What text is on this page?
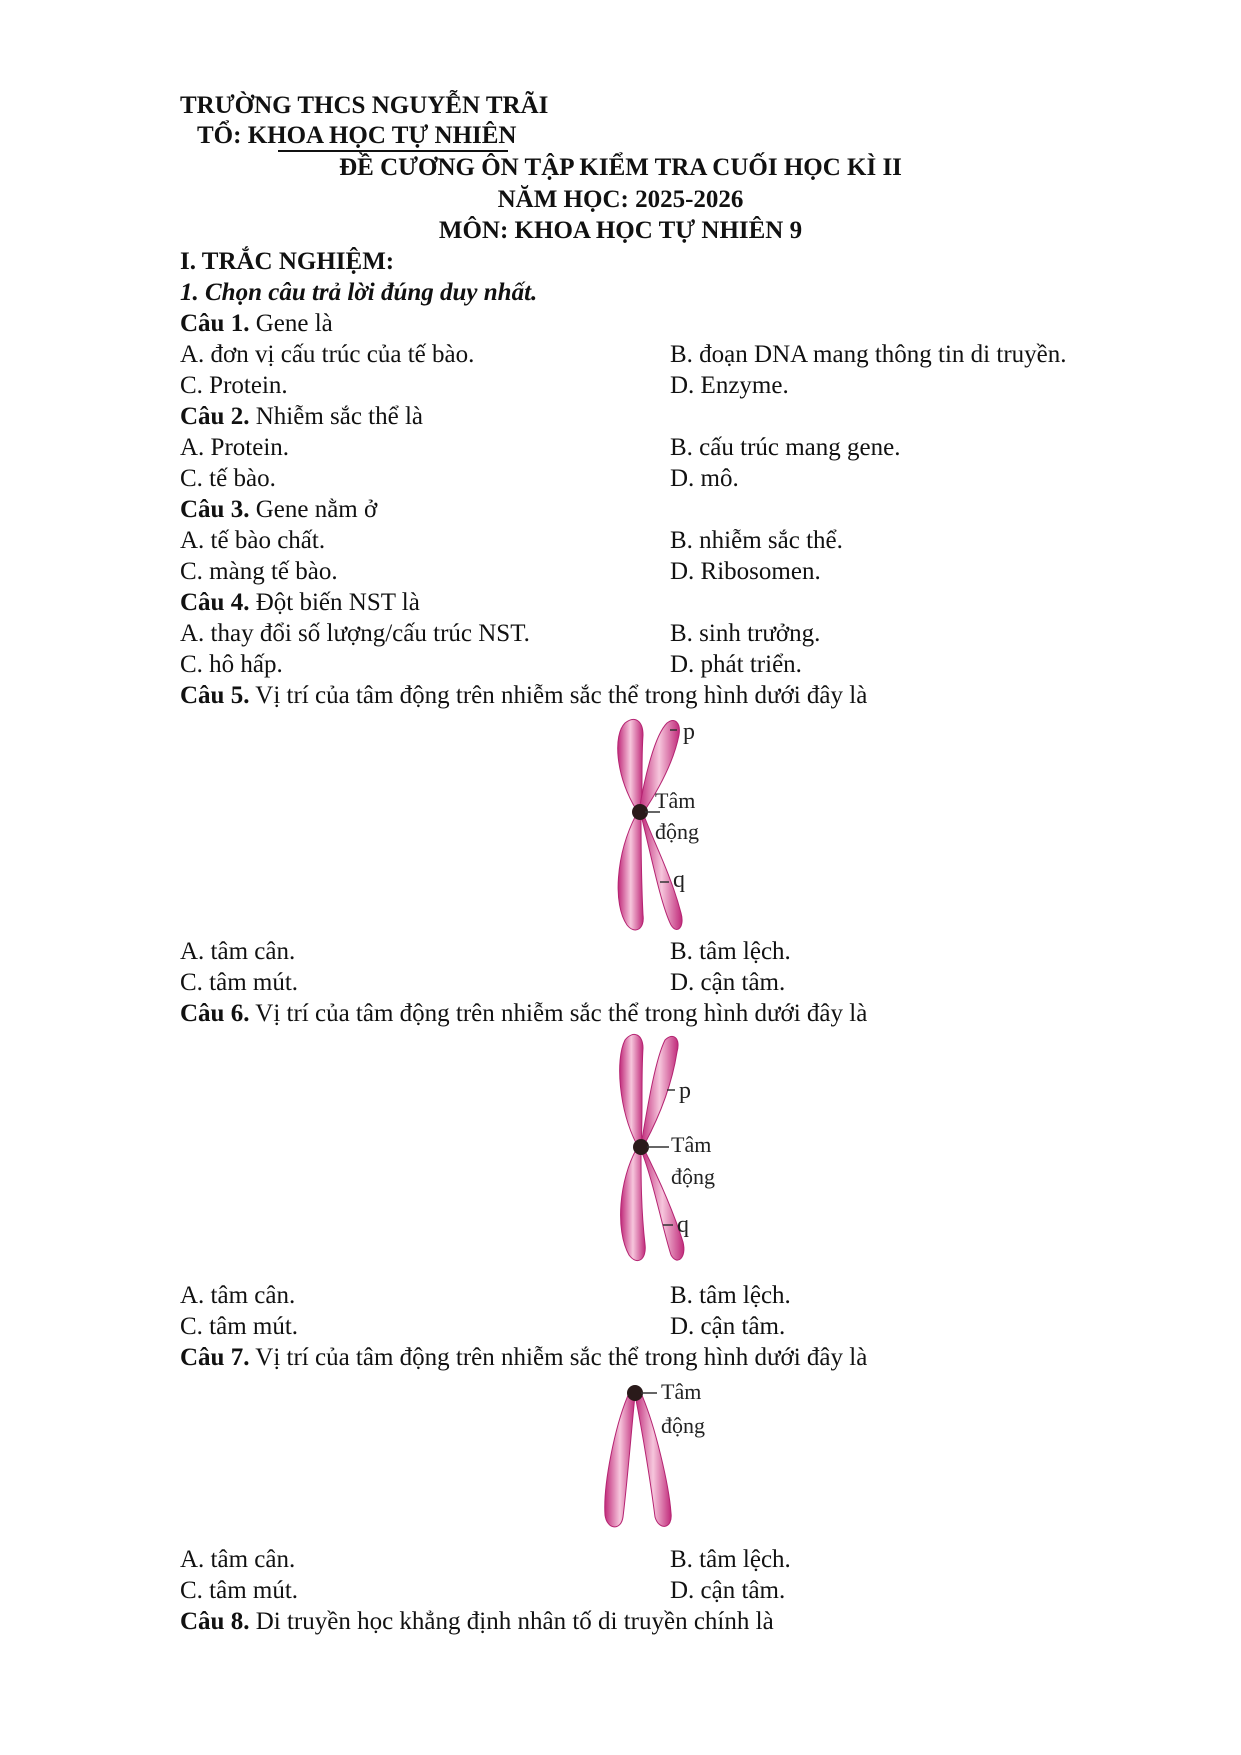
TRƯỜNG THCS NGUYỄN TRÃI
TỔ: KHOA HỌC TỰ NHIÊN
ĐỀ CƯƠNG ÔN TẬP KIỂM TRA CUỐI HỌC KÌ II
NĂM HỌC: 2025-2026
MÔN: KHOA HỌC TỰ NHIÊN 9
I. TRẮC NGHIỆM:
1. Chọn câu trả lời đúng duy nhất.
Câu 1. Gene là
A. đơn vị cấu trúc của tế bào.	B. đoạn DNA mang thông tin di truyền.
C. Protein.	D. Enzyme.
Câu 2. Nhiễm sắc thể là
A. Protein.	B. cấu trúc mang gene.
C. tế bào.	D. mô.
Câu 3. Gene nằm ở
A. tế bào chất.	B. nhiễm sắc thể.
C. màng tế bào.	D. Ribosomen.
Câu 4. Đột biến NST là
A. thay đổi số lượng/cấu trúc NST.	B. sinh trưởng.
C. hô hấp.	D. phát triển.
Câu 5. Vị trí của tâm động trên nhiễm sắc thể trong hình dưới đây là
p
Tâm
động
q
A. tâm cân.	B. tâm lệch.
C. tâm mút.	D. cận tâm.
Câu 6. Vị trí của tâm động trên nhiễm sắc thể trong hình dưới đây là
p
Tâm
động
q
A. tâm cân.	B. tâm lệch.
C. tâm mút.	D. cận tâm.
Câu 7. Vị trí của tâm động trên nhiễm sắc thể trong hình dưới đây là
Tâm
động
A. tâm cân.	B. tâm lệch.
C. tâm mút.	D. cận tâm.
Câu 8. Di truyền học khẳng định nhân tố di truyền chính là
